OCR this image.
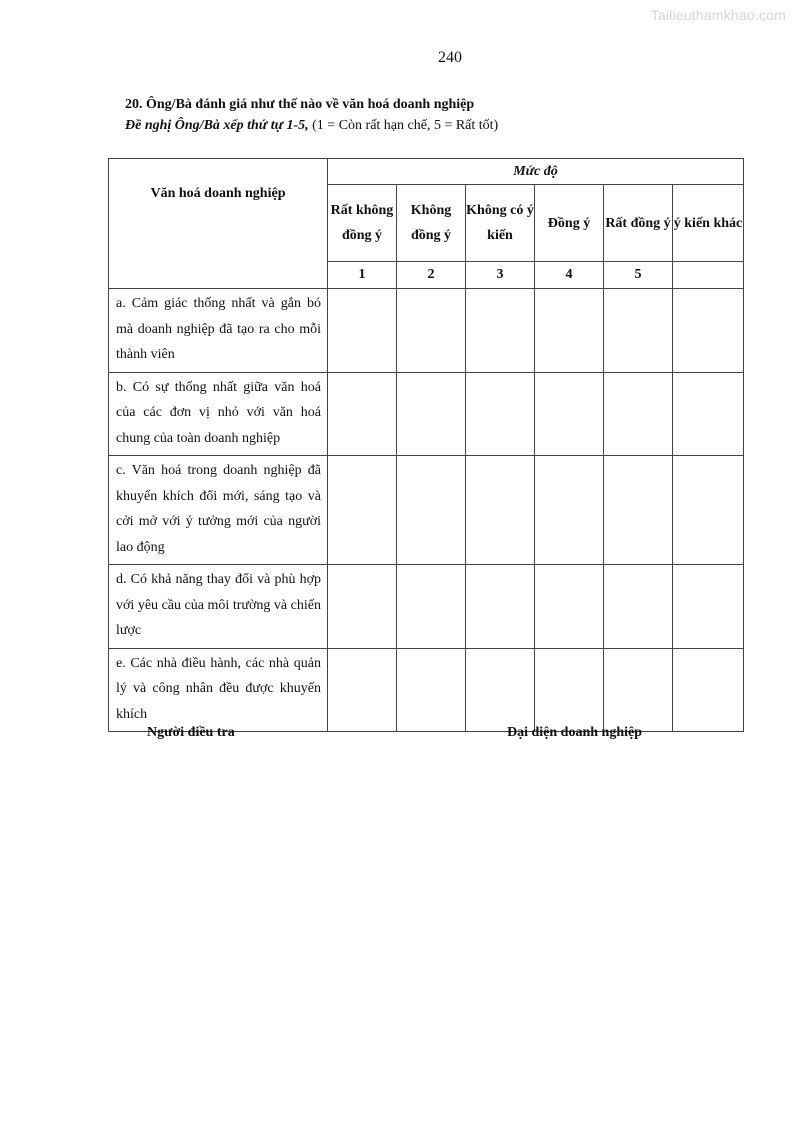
Tailieuthamkhao.com
240
20. Ông/Bà đánh giá như thế nào về văn hoá doanh nghiệp
Đề nghị Ông/Bà xếp thứ tự 1-5, (1 = Còn rất hạn chế, 5 = Rất tốt)
Văn hoá doanh nghiệp	Mức độ					
	Rất không đồng ý	Không đồng ý	Không có ý kiến	Đồng ý	Rất đồng ý	ý kiến khác
	1	2	3	4	5	
a. Cảm giác thống nhất và gắn bó mà doanh nghiệp đã tạo ra cho mỗi thành viên						
b. Có sự thống nhất giữa văn hoá của các đơn vị nhỏ với văn hoá chung của toàn doanh nghiệp						
c. Văn hoá trong doanh nghiệp đã khuyến khích đổi mới, sáng tạo và cởi mở với ý tưởng mới của người lao động						
d. Có khả năng thay đổi và phù hợp với yêu cầu của môi trường và chiến lược						
e. Các nhà điều hành, các nhà quản lý và công nhân đều được khuyến khích						
Người điều tra	Đại diện doanh nghiệp
